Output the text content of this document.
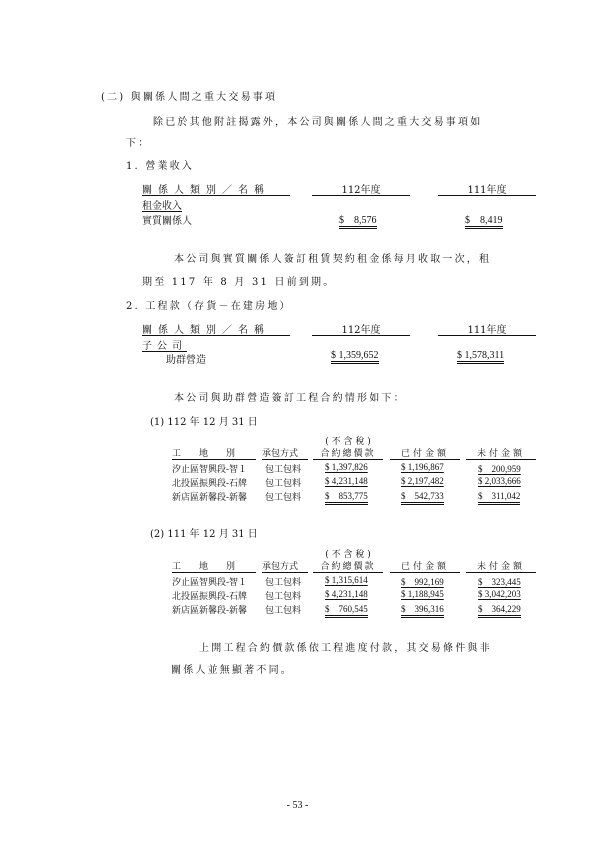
(二) 與關係人間之重大交易事項
除已於其他附註揭露外，本公司與關係人間之重大交易事項如
下：
1. 營業收入
關係人類別／名稱	112年度	111年度
租金收入
實質關係人	$　8,576	$　8,419
本公司與實質關係人簽訂租賃契約租金係每月收取一次，租
期至 117 年 8 月 31 日前到期。
2. 工程款（存貨－在建房地）
關係人類別／名稱	112年度	111年度
子公司
助群營造	$ 1,359,652	$ 1,578,311
本公司與助群營造簽訂工程合約情形如下：
(1) 112 年 12 月 31 日
( 不 含 稅 )
工　　地　　別	承包方式	合約總價款	已付金額	未付金額
汐止區智興段-智１ 包工包料	$ 1,397,826	$ 1,196,867	$　200,959
北投區振興段-石牌 包工包料	$ 4,231,148	$ 2,197,482	$ 2,033,666
新店區新馨段-新馨 包工包料	$　853,775	$　542,733	$　311,042
(2) 111 年 12 月 31 日
( 不 含 稅 )
工　　地　　別	承包方式	合約總價款	已付金額	未付金額
汐止區智興段-智１ 包工包料	$ 1,315,614	$　992,169	$　323,445
北投區振興段-石牌 包工包料	$ 4,231,148	$ 1,188,945	$ 3,042,203
新店區新馨段-新馨 包工包料	$　760,545	$　396,316	$　364,229
上開工程合約價款係依工程進度付款，其交易條件與非
關係人並無顯著不同。
- 53 -
